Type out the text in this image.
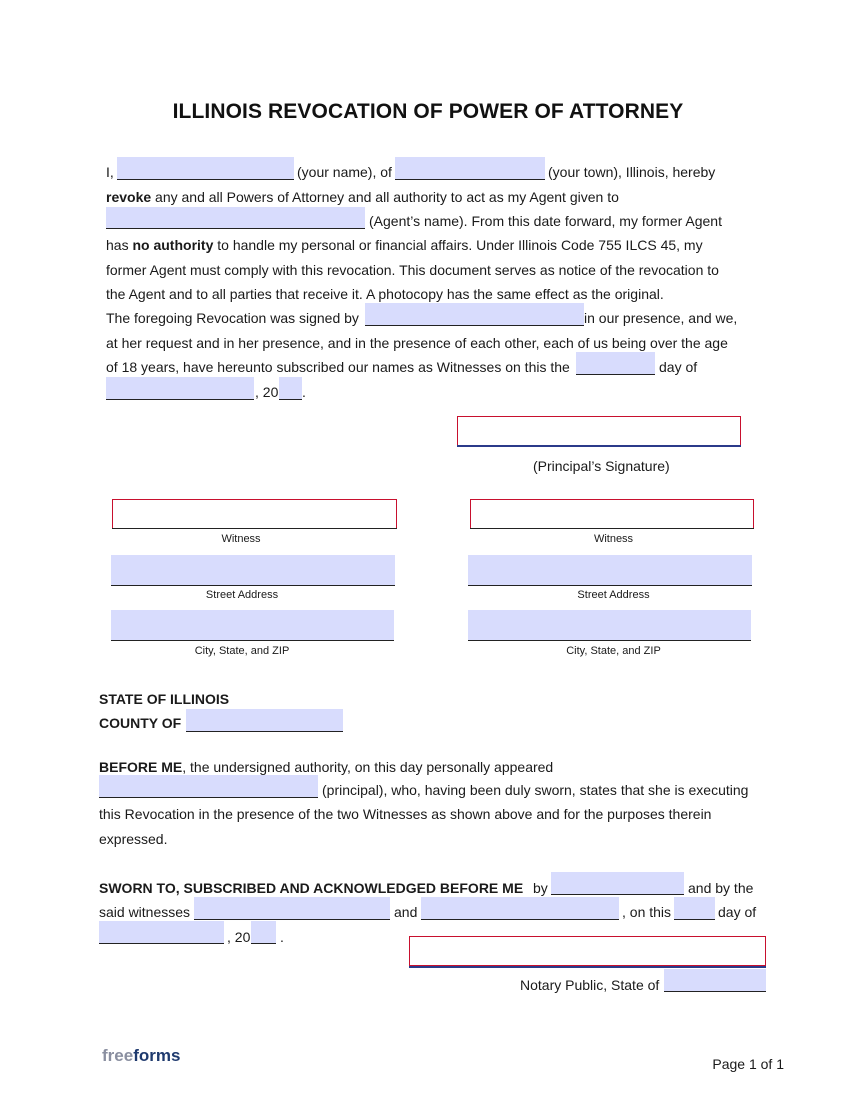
ILLINOIS REVOCATION OF POWER OF ATTORNEY
I,	(your name), of	(your town), Illinois, hereby
revoke any and all Powers of Attorney and all authority to act as my Agent given to
(Agent’s name). From this date forward, my former Agent
has no authority to handle my personal or financial affairs. Under Illinois Code 755 ILCS 45, my
former Agent must comply with this revocation. This document serves as notice of the revocation to
the Agent and to all parties that receive it. A photocopy has the same effect as the original.
The foregoing Revocation was signed by	in our presence, and we,
at her request and in her presence, and in the presence of each other, each of us being over the age
of 18 years, have hereunto subscribed our names as Witnesses on this the	day of
, 20 .
(Principal’s Signature)
Witness
Street Address
City, State, and ZIP
Witness
Street Address
City, State, and ZIP
STATE OF ILLINOIS
COUNTY OF
BEFORE ME, the undersigned authority, on this day personally appeared
(principal), who, having been duly sworn, states that she is executing
this Revocation in the presence of the two Witnesses as shown above and for the purposes therein
expressed.
SWORN TO, SUBSCRIBED AND ACKNOWLEDGED BEFORE ME by	and by the
said witnesses	and	, on this	day of
, 20 .
Notary Public, State of
freeforms	Page 1 of 1
